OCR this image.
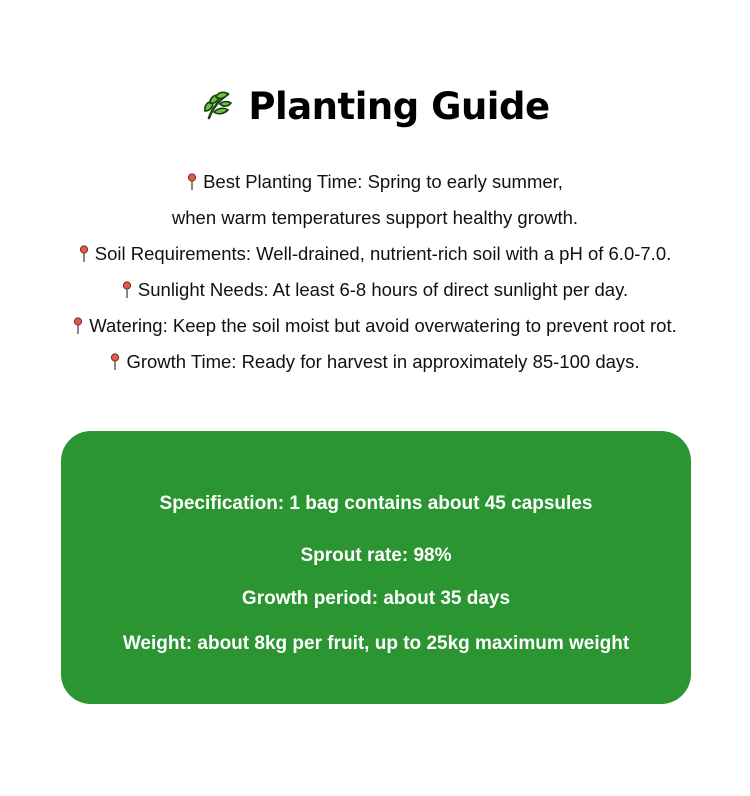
Planting Guide
Best Planting Time: Spring to early summer,
when warm temperatures support healthy growth.
Soil Requirements: Well-drained, nutrient-rich soil with a pH of 6.0-7.0.
Sunlight Needs: At least 6-8 hours of direct sunlight per day.
Watering: Keep the soil moist but avoid overwatering to prevent root rot.
Growth Time: Ready for harvest in approximately 85-100 days.
Specification: 1 bag contains about 45 capsules
Sprout rate: 98%
Growth period: about 35 days
Weight: about 8kg per fruit, up to 25kg maximum weight
